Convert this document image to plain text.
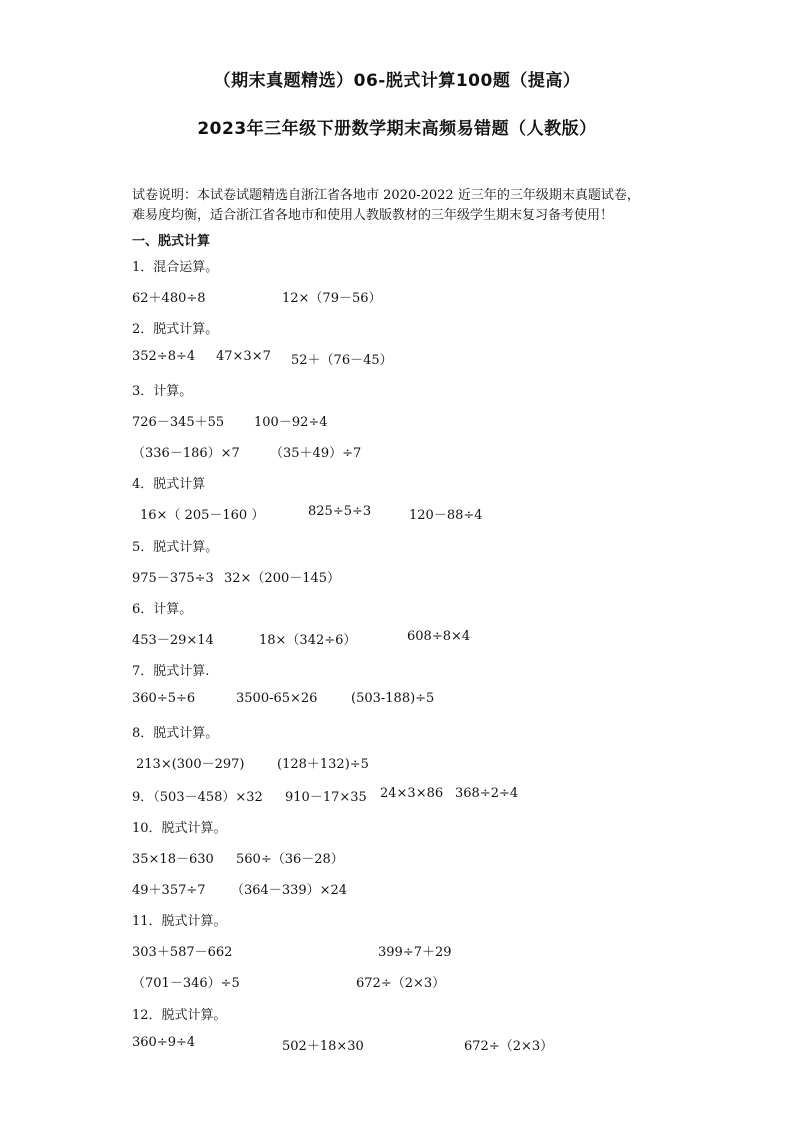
（期末真题精选）06-脱式计算100题（提高）
2023年三年级下册数学期末高频易错题（人教版）

试卷说明：本试卷试题精选自浙江省各地市 2020-2022 近三年的三年级期末真题试卷，

难易度均衡，适合浙江省各地市和使用人教版教材的三年级学生期末复习备考使用！

一、脱式计算
1．混合运算。
62＋480÷8	12×（79－56）
2．脱式计算。
352÷8÷4 47×3×7 52＋（76－45）
3．计算。
726－345＋55 100－92÷4
（336－186）×7 （35＋49）÷7
4．脱式计算
16×（ 205－160 ）	825÷5÷3	120－88÷4
5．脱式计算。
975－375÷3 32×（200－145）
6．计算。
453－29×14	18×（342÷6）	608÷8×4
7．脱式计算.
360÷5÷6	3500-65×26	(503-188)÷5
8．脱式计算。
213×(300－297)	(128＋132)÷5
9．（503－458）×32 910－17×35 24×3×86 368÷2÷4
10．脱式计算。
35×18－630 560÷（36－28）
49＋357÷7 （364－339）×24
11．脱式计算。
303＋587－662	399÷7＋29
（701－346）÷5	672÷（2×3）
12．脱式计算。
360÷9÷4	502＋18×30	672÷（2×3）
